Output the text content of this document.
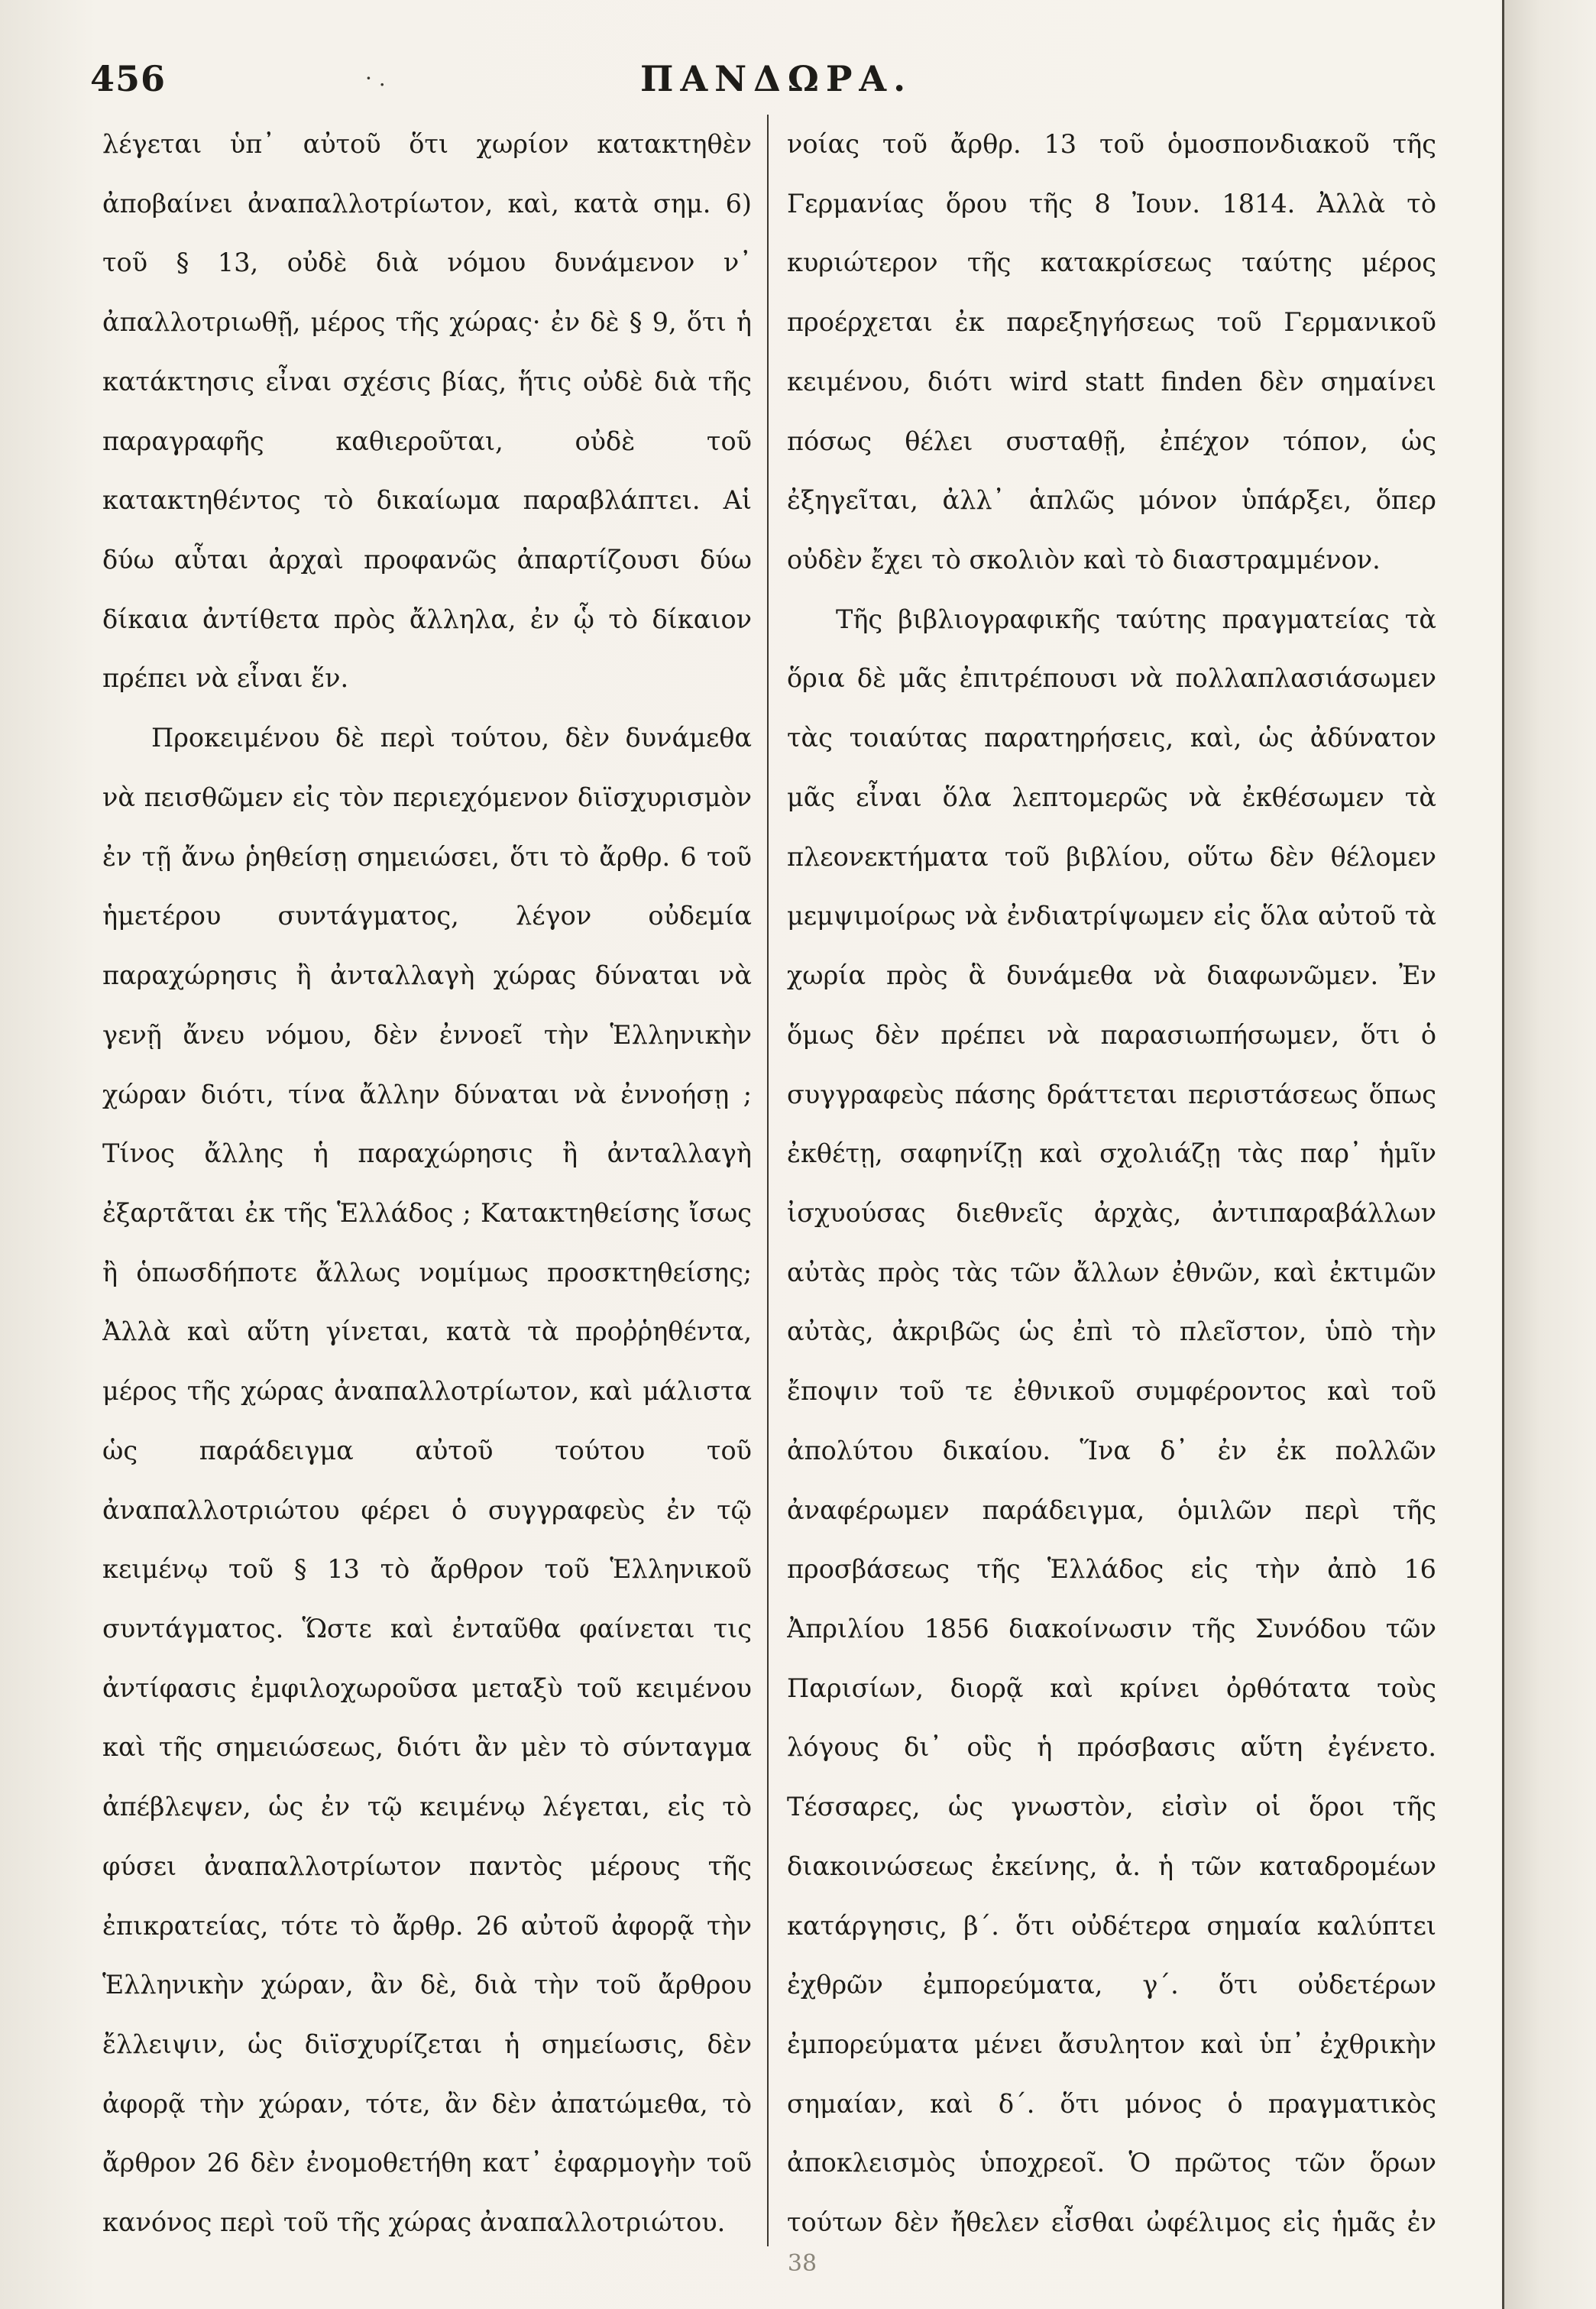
456	· .	ΠΑΝΔΩΡΑ.

λέγεται ὑπ᾽ αὐτοῦ ὅτι χωρίον κατακτηθὲν ἀποβαίνει ἀναπαλλοτρίωτον, καὶ, κατὰ σημ. 6) τοῦ § 13, οὐδὲ διὰ νόμου δυνάμενον ν᾽ ἀπαλλοτριωθῇ, μέρος τῆς χώρας· ἐν δὲ § 9, ὅτι ἡ κατάκτησις εἶναι σχέσις βίας, ἥτις οὐδὲ διὰ τῆς παραγραφῆς καθιεροῦται, οὐδὲ τοῦ κατακτηθέντος τὸ δικαίωμα παραβλάπτει. Αἱ δύω αὗται ἀρχαὶ προφανῶς ἀπαρτίζουσι δύω δίκαια ἀντίθετα πρὸς ἄλληλα, ἐν ᾧ τὸ δίκαιον πρέπει νὰ εἶναι ἕν.

Προκειμένου δὲ περὶ τούτου, δὲν δυνάμεθα νὰ πεισθῶμεν εἰς τὸν περιεχόμενον διϊσχυρισμὸν ἐν τῇ ἄνω ῥηθείσῃ σημειώσει, ὅτι τὸ ἄρθρ. 6 τοῦ ἡμετέρου συντάγματος, λέγον οὐδεμία παραχώρησις ἢ ἀνταλλαγὴ χώρας δύναται νὰ γενῇ ἄνευ νόμου, δὲν ἐννοεῖ τὴν Ἑλληνικὴν χώραν διότι, τίνα ἄλλην δύναται νὰ ἐννοήσῃ ; Τίνος ἄλλης ἡ παραχώρησις ἢ ἀνταλλαγὴ ἐξαρτᾶται ἐκ τῆς Ἑλλάδος ; Κατακτηθείσης ἴσως ἢ ὁπωσδήποτε ἄλλως νομίμως προσκτηθείσης; Ἀλλὰ καὶ αὕτη γίνεται, κατὰ τὰ προῤῥηθέντα, μέρος τῆς χώρας ἀναπαλλοτρίωτον, καὶ μάλιστα ὡς παράδειγμα αὐτοῦ τούτου τοῦ ἀναπαλλοτριώτου φέρει ὁ συγγραφεὺς ἐν τῷ κειμένῳ τοῦ § 13 τὸ ἄρθρον τοῦ Ἑλληνικοῦ συντάγματος. Ὥστε καὶ ἐνταῦθα φαίνεται τις ἀντίφασις ἐμφιλοχωροῦσα μεταξὺ τοῦ κειμένου καὶ τῆς σημειώσεως, διότι ἂν μὲν τὸ σύνταγμα ἀπέβλεψεν, ὡς ἐν τῷ κειμένῳ λέγεται, εἰς τὸ φύσει ἀναπαλλοτρίωτον παντὸς μέρους τῆς ἐπικρατείας, τότε τὸ ἄρθρ. 26 αὐτοῦ ἀφορᾷ τὴν Ἑλληνικὴν χώραν, ἂν δὲ, διὰ τὴν τοῦ ἄρθρου ἔλλειψιν, ὡς διϊσχυρίζεται ἡ σημείωσις, δὲν ἀφορᾷ τὴν χώραν, τότε, ἂν δὲν ἀπατώμεθα, τὸ ἄρθρον 26 δὲν ἐνομοθετήθη κατ᾽ ἐφαρμογὴν τοῦ κανόνος περὶ τοῦ τῆς χώρας ἀναπαλλοτριώτου.

νοίας τοῦ ἄρθρ. 13 τοῦ ὁμοσπονδιακοῦ τῆς Γερμανίας ὅρου τῆς 8 Ἰουν. 1814. Ἀλλὰ τὸ κυριώτερον τῆς κατακρίσεως ταύτης μέρος προέρχεται ἐκ παρεξηγήσεως τοῦ Γερμανικοῦ κειμένου, διότι wird statt finden δὲν σημαίνει πόσως θέλει συσταθῇ, ἐπέχον τόπον, ὡς ἐξηγεῖται, ἀλλ᾽ ἁπλῶς μόνον ὑπάρξει, ὅπερ οὐδὲν ἔχει τὸ σκολιὸν καὶ τὸ διαστραμμένον.

Τῆς βιβλιογραφικῆς ταύτης πραγματείας τὰ ὅρια δὲ μᾶς ἐπιτρέπουσι νὰ πολλαπλασιάσωμεν τὰς τοιαύτας παρατηρήσεις, καὶ, ὡς ἀδύνατον μᾶς εἶναι ὅλα λεπτομερῶς νὰ ἐκθέσωμεν τὰ πλεονεκτήματα τοῦ βιβλίου, οὕτω δὲν θέλομεν μεμψιμοίρως νὰ ἐνδιατρίψωμεν εἰς ὅλα αὐτοῦ τὰ χωρία πρὸς ἃ δυνάμεθα νὰ διαφωνῶμεν. Ἐν ὅμως δὲν πρέπει νὰ παρασιωπήσωμεν, ὅτι ὁ συγγραφεὺς πάσης δράττεται περιστάσεως ὅπως ἐκθέτῃ, σαφηνίζῃ καὶ σχολιάζῃ τὰς παρ᾽ ἡμῖν ἰσχυούσας διεθνεῖς ἀρχὰς, ἀντιπαραβάλλων αὐτὰς πρὸς τὰς τῶν ἄλλων ἐθνῶν, καὶ ἐκτιμῶν αὐτὰς, ἀκριβῶς ὡς ἐπὶ τὸ πλεῖστον, ὑπὸ τὴν ἔποψιν τοῦ τε ἐθνικοῦ συμφέροντος καὶ τοῦ ἀπολύτου δικαίου. Ἵνα δ᾽ ἐν ἐκ πολλῶν ἀναφέρωμεν παράδειγμα, ὁμιλῶν περὶ τῆς προσβάσεως τῆς Ἑλλάδος εἰς τὴν ἀπὸ 16 Ἀπριλίου 1856 διακοίνωσιν τῆς Συνόδου τῶν Παρισίων, διορᾷ καὶ κρίνει ὀρθότατα τοὺς λόγους δι᾽ οὓς ἡ πρόσβασις αὕτη ἐγένετο. Τέσσαρες, ὡς γνωστὸν, εἰσὶν οἱ ὅροι τῆς διακοινώσεως ἐκείνης, ἀ. ἡ τῶν καταδρομέων κατάργησις, β΄. ὅτι οὐδέτερα σημαία καλύπτει ἐχθρῶν ἐμπορεύματα, γ΄. ὅτι οὐδετέρων ἐμπορεύματα μένει ἄσυλητον καὶ ὑπ᾽ ἐχθρικὴν σημαίαν, καὶ δ΄. ὅτι μόνος ὁ πραγματικὸς ἀποκλεισμὸς ὑποχρεοῖ. Ὁ πρῶτος τῶν ὅρων τούτων δὲν ἤθελεν εἶσθαι ὠφέλιμος εἰς ἡμᾶς ἐν

38
